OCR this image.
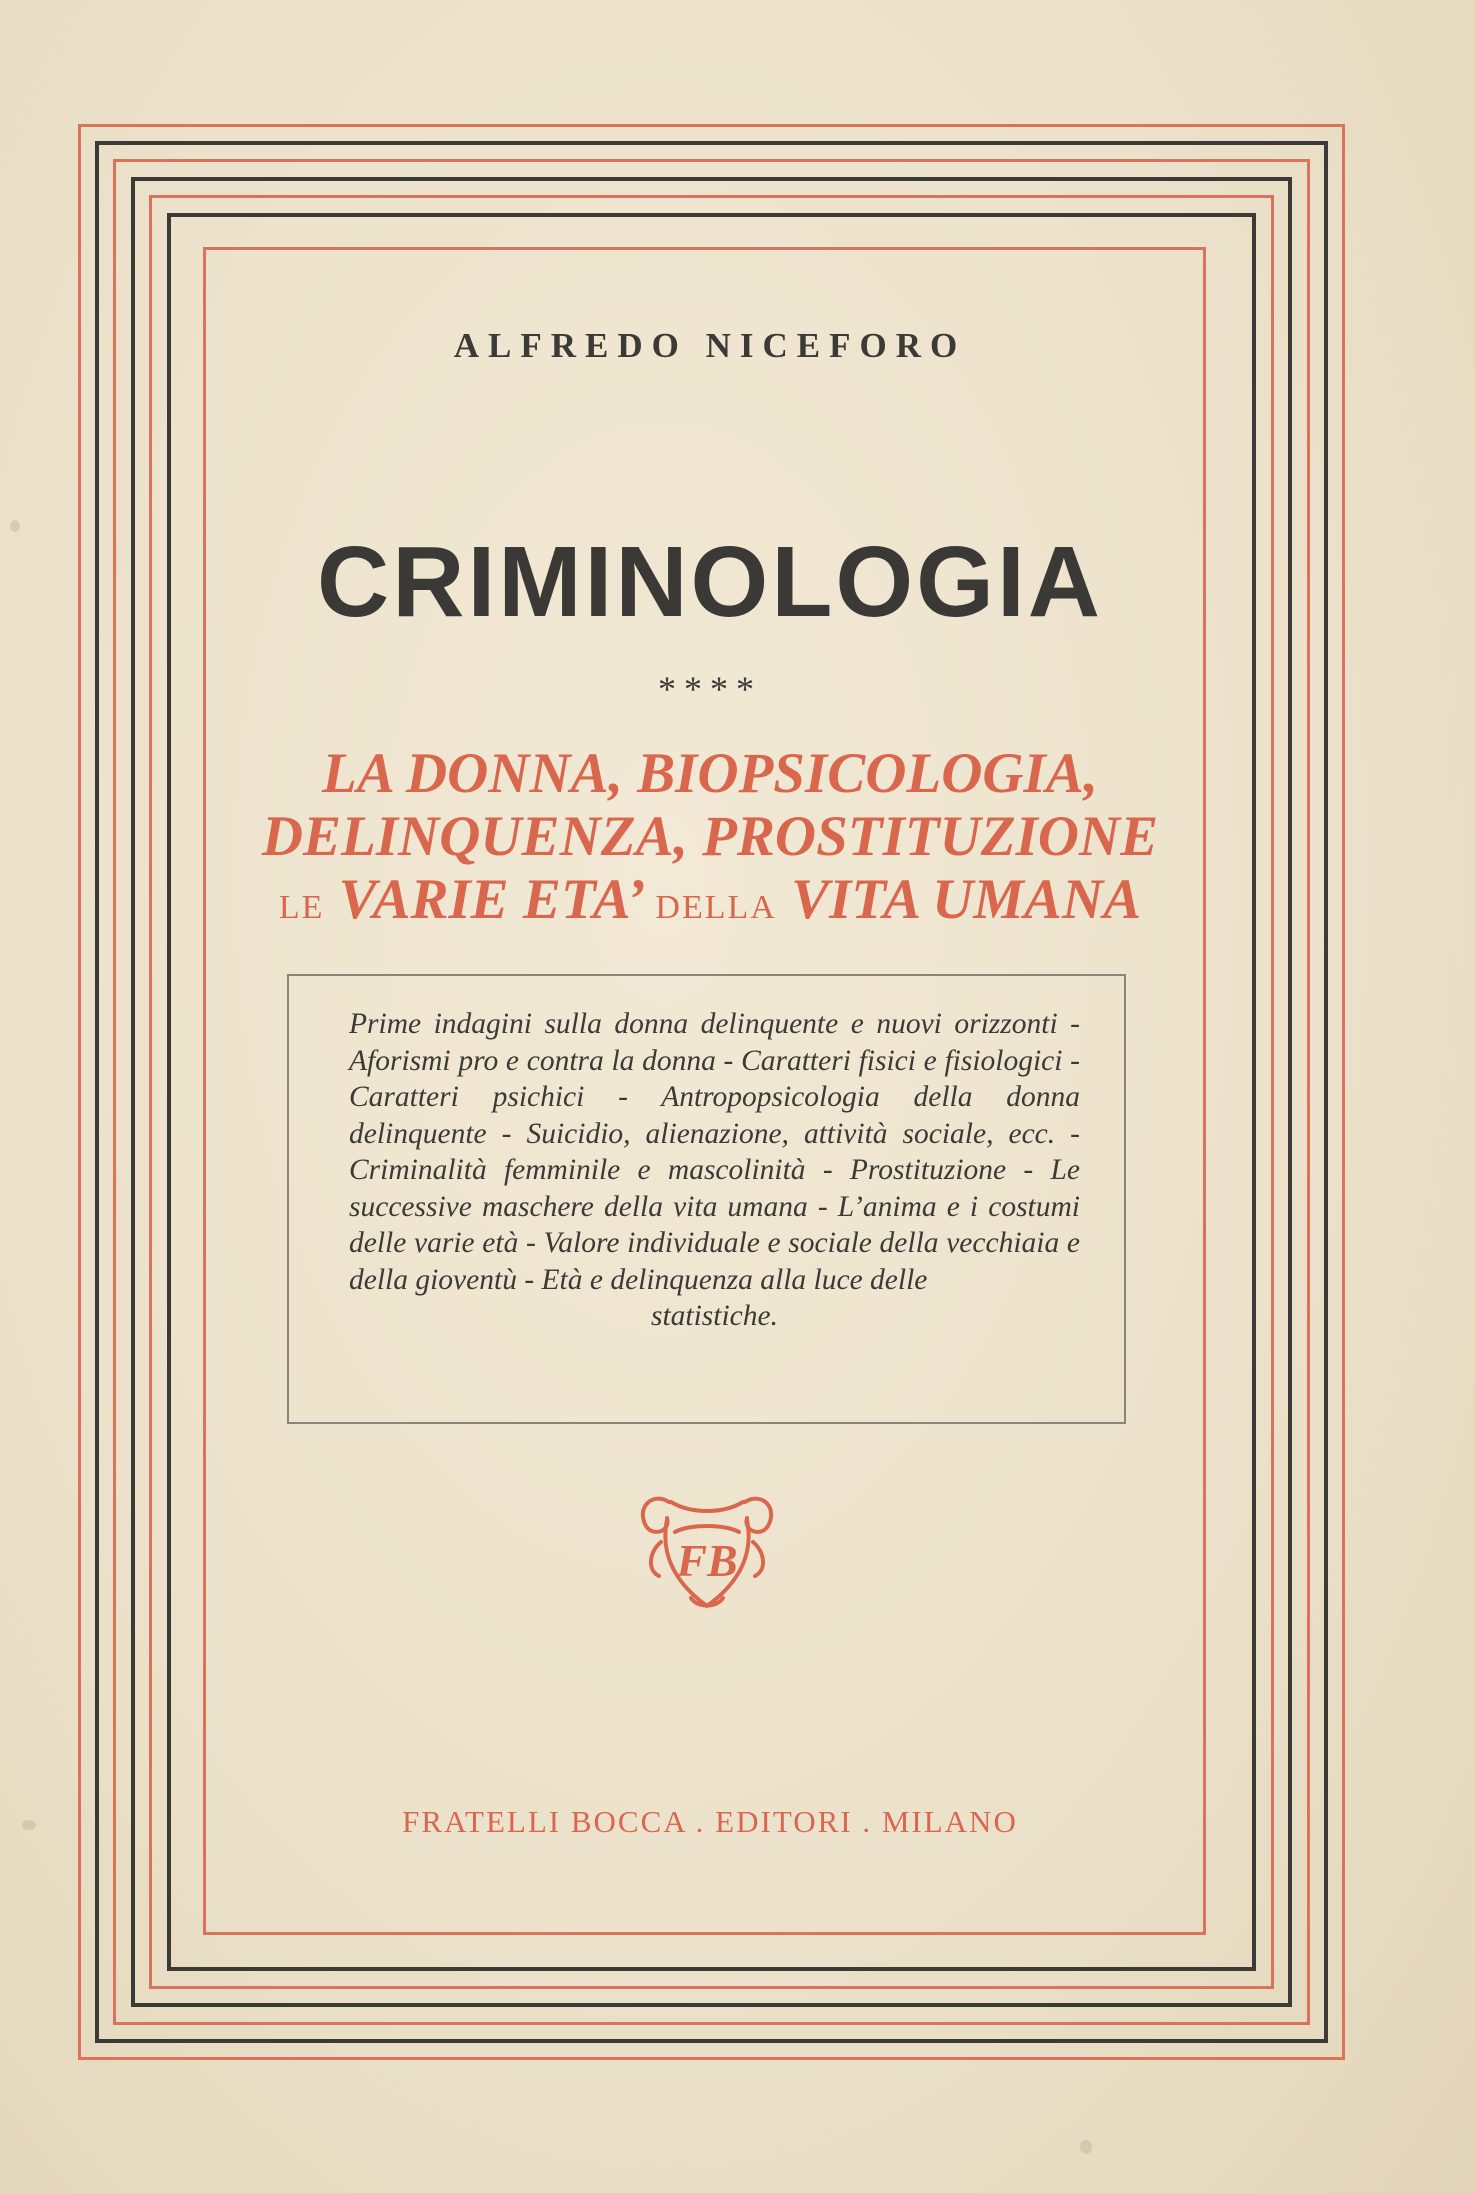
ALFREDO NICEFORO
CRIMINOLOGIA
****
LA DONNA, BIOPSICOLOGIA,
DELINQUENZA, PROSTITUZIONE
LE VARIE ETA’ DELLA VITA UMANA
Prime indagini sulla donna delinquente e nuovi orizzonti - Aforismi pro e contra la donna - Caratteri fisici e fisiologici - Caratteri psichici - Antropopsicologia della donna delinquente - Suicidio, alienazione, attività sociale, ecc. - Criminalità femminile e mascolinità - Prostituzione - Le successive maschere della vita umana - L’anima e i costumi delle varie età - Valore individuale e sociale della vecchiaia e della gioventù - Età e delinquenza alla luce delle
statistiche.
FB
FRATELLI BOCCA . EDITORI . MILANO
